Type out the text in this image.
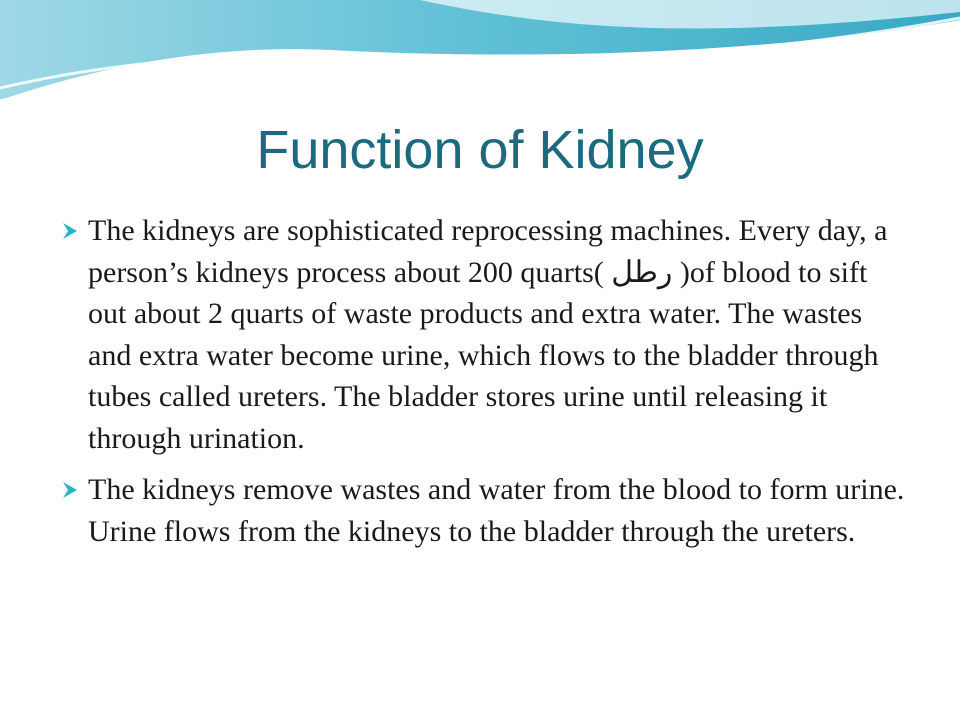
Function of Kidney
The kidneys are sophisticated reprocessing machines. Every day, a person’s kidneys process about 200 quarts( رطل )of blood to sift out about 2 quarts of waste products and extra water. The wastes and extra water become urine, which flows to the bladder through tubes called ureters. The bladder stores urine until releasing it through urination.
The kidneys remove wastes and water from the blood to form urine. Urine flows from the kidneys to the bladder through the ureters.
